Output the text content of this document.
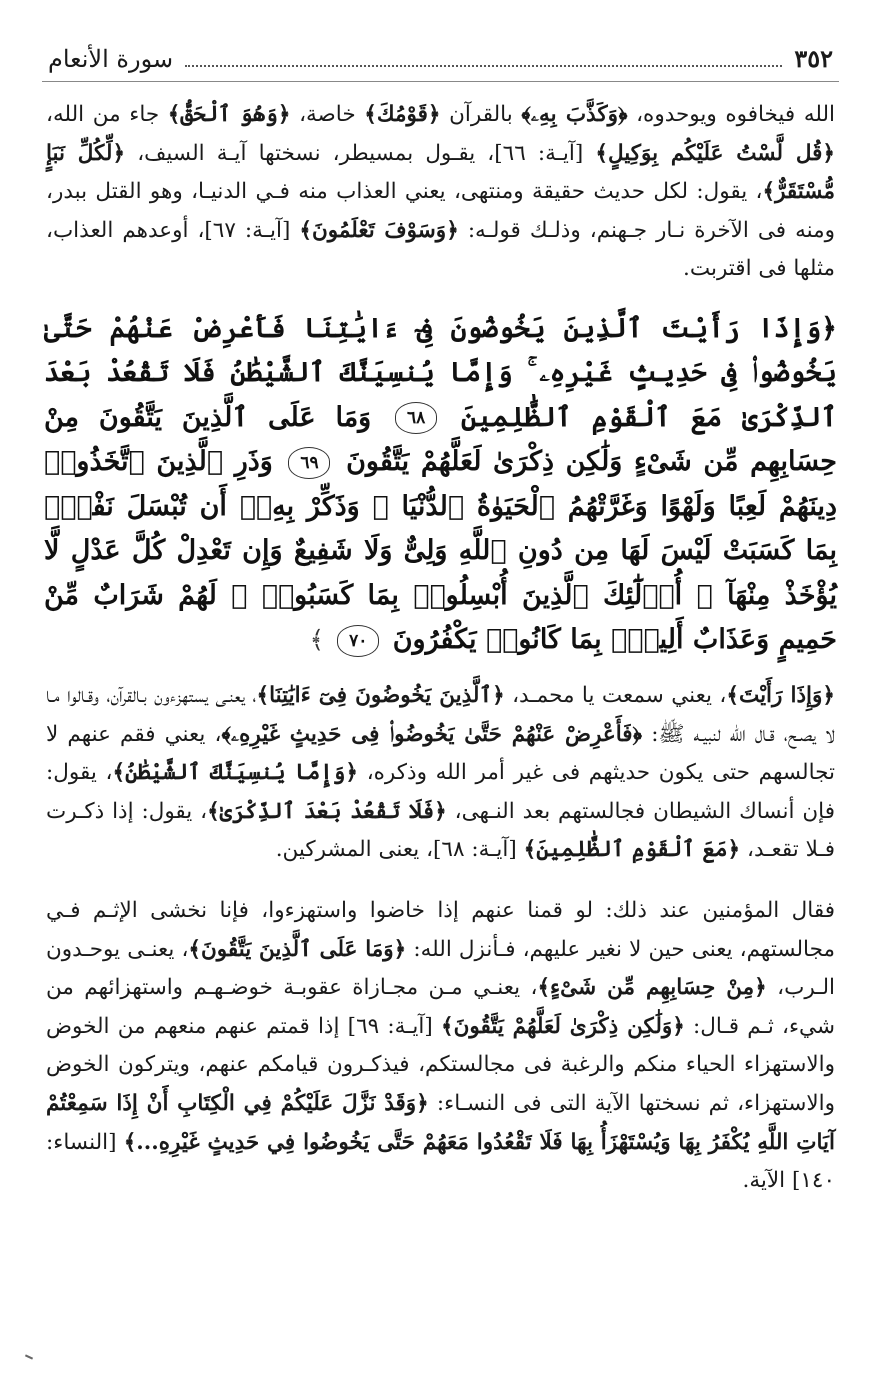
٣٥٢
سورة الأنعام

الله فيخافوه ويوحدوه، ﴿وَكَذَّبَ بِهِۦ﴾ بالقرآن ﴿قَوْمُكَ﴾ خاصة، ﴿وَهُوَ ٱلْحَقُّ﴾ جاء من الله، ﴿قُل لَّسْتُ عَلَيْكُم بِوَكِيلٍ﴾ [آيـة: ٦٦]، يقـول بمسيطر، نسختها آيـة السيف، ﴿لِّكُلِّ نَبَإٍ مُّسْتَقَرٌّ﴾، يقول: لكل حديث حقيقة ومنتهى، يعني العذاب منه فـي الدنيـا، وهو القتل ببدر، ومنه فى الآخرة نـار جـهنم، وذلـك قولـه: ﴿وَسَوْفَ تَعْلَمُونَ﴾ [آيـة: ٦٧]، أوعدهم العذاب، مثلها فى اقتربت.

﴿وَإِذَا رَأَيْتَ ٱلَّذِينَ يَخُوضُونَ فِىٓ ءَايَٰتِنَا فَأَعْرِضْ عَنْهُمْ حَتَّىٰ يَخُوضُوا۟ فِى حَدِيثٍ غَيْرِهِۦ ۚ وَإِمَّا يُنسِيَنَّكَ ٱلشَّيْطَٰنُ فَلَا تَقْعُدْ بَعْدَ ٱلذِّكْرَىٰ مَعَ ٱلْقَوْمِ ٱلظَّٰلِمِينَ ٦٨ وَمَا عَلَى ٱلَّذِينَ يَتَّقُونَ مِنْ حِسَابِهِم مِّن شَىْءٍ وَلَٰكِن ذِكْرَىٰ لَعَلَّهُمْ يَتَّقُونَ ٦٩ وَذَرِ ٱلَّذِينَ ٱتَّخَذُوا۟ دِينَهُمْ لَعِبًا وَلَهْوًا وَغَرَّتْهُمُ ٱلْحَيَوٰةُ ٱلدُّنْيَا ۚ وَذَكِّرْ بِهِۦٓ أَن تُبْسَلَ نَفْسٌۢ بِمَا كَسَبَتْ لَيْسَ لَهَا مِن دُونِ ٱللَّهِ وَلِىٌّ وَلَا شَفِيعٌ وَإِن تَعْدِلْ كُلَّ عَدْلٍ لَّا يُؤْخَذْ مِنْهَآ ۗ أُو۟لَٰٓئِكَ ٱلَّذِينَ أُبْسِلُوا۟ بِمَا كَسَبُوا۟ ۖ لَهُمْ شَرَابٌ مِّنْ حَمِيمٍ وَعَذَابٌ أَلِيمٌۢ بِمَا كَانُوا۟ يَكْفُرُونَ ٧٠ ﴾

﴿وَإِذَا رَأَيْتَ﴾، يعني سمعت يا محمـد، ﴿ٱلَّذِينَ يَخُوضُونَ فِىٓ ءَايَٰتِنَا﴾، يعنـى يستهزءون بـالقرآن، وقـالوا مـا لا يصـح، قـال الله لنبيـه ﷺ: ﴿فَأَعْرِضْ عَنْهُمْ حَتَّىٰ يَخُوضُوا۟ فِى حَدِيثٍ غَيْرِهِۦ﴾، يعني فقم عنهم لا تجالسهم حتى يكون حديثهم فى غير أمر الله وذكره، ﴿وَإِمَّا يُنسِيَنَّكَ ٱلشَّيْطَٰنُ﴾، يقول: فإن أنساك الشيطان فجالستهم بعد النـهى، ﴿فَلَا تَقْعُدْ بَعْدَ ٱلذِّكْرَىٰ﴾، يقول: إذا ذكـرت فـلا تقعـد، ﴿مَعَ ٱلْقَوْمِ ٱلظَّٰلِمِينَ﴾ [آيـة: ٦٨]، يعنى المشركين.

فقال المؤمنين عند ذلك: لو قمنا عنهم إذا خاضوا واستهزءوا، فإنا نخشى الإثـم فـي مجالستهم، يعنى حين لا نغير عليهم، فـأنزل الله: ﴿وَمَا عَلَى ٱلَّذِينَ يَتَّقُونَ﴾، يعنـى يوحـدون الـرب، ﴿مِنْ حِسَابِهِم مِّن شَىْءٍ﴾، يعنـي مـن مجـازاة عقوبـة خوضـهـم واستهزائهم من شيء، ثـم قـال: ﴿وَلَٰكِن ذِكْرَىٰ لَعَلَّهُمْ يَتَّقُونَ﴾ [آيـة: ٦٩] إذا قمتم عنهم منعهم من الخوض والاستهزاء الحياء منكم والرغبة فى مجالستكم، فيذكـرون قيامكم عنهم، ويتركون الخوض والاستهزاء، ثم نسختها الآية التى فى النسـاء: ﴿وَقَدْ نَزَّلَ عَلَيْكُمْ فِي الْكِتَابِ أَنْ إِذَا سَمِعْتُمْ آيَاتِ اللَّهِ يُكْفَرُ بِهَا وَيُسْتَهْزَأُ بِهَا فَلَا تَقْعُدُوا مَعَهُمْ حَتَّى يَخُوضُوا فِي حَدِيثٍ غَيْرِهِ...﴾ [النساء: ١٤٠] الآية.
